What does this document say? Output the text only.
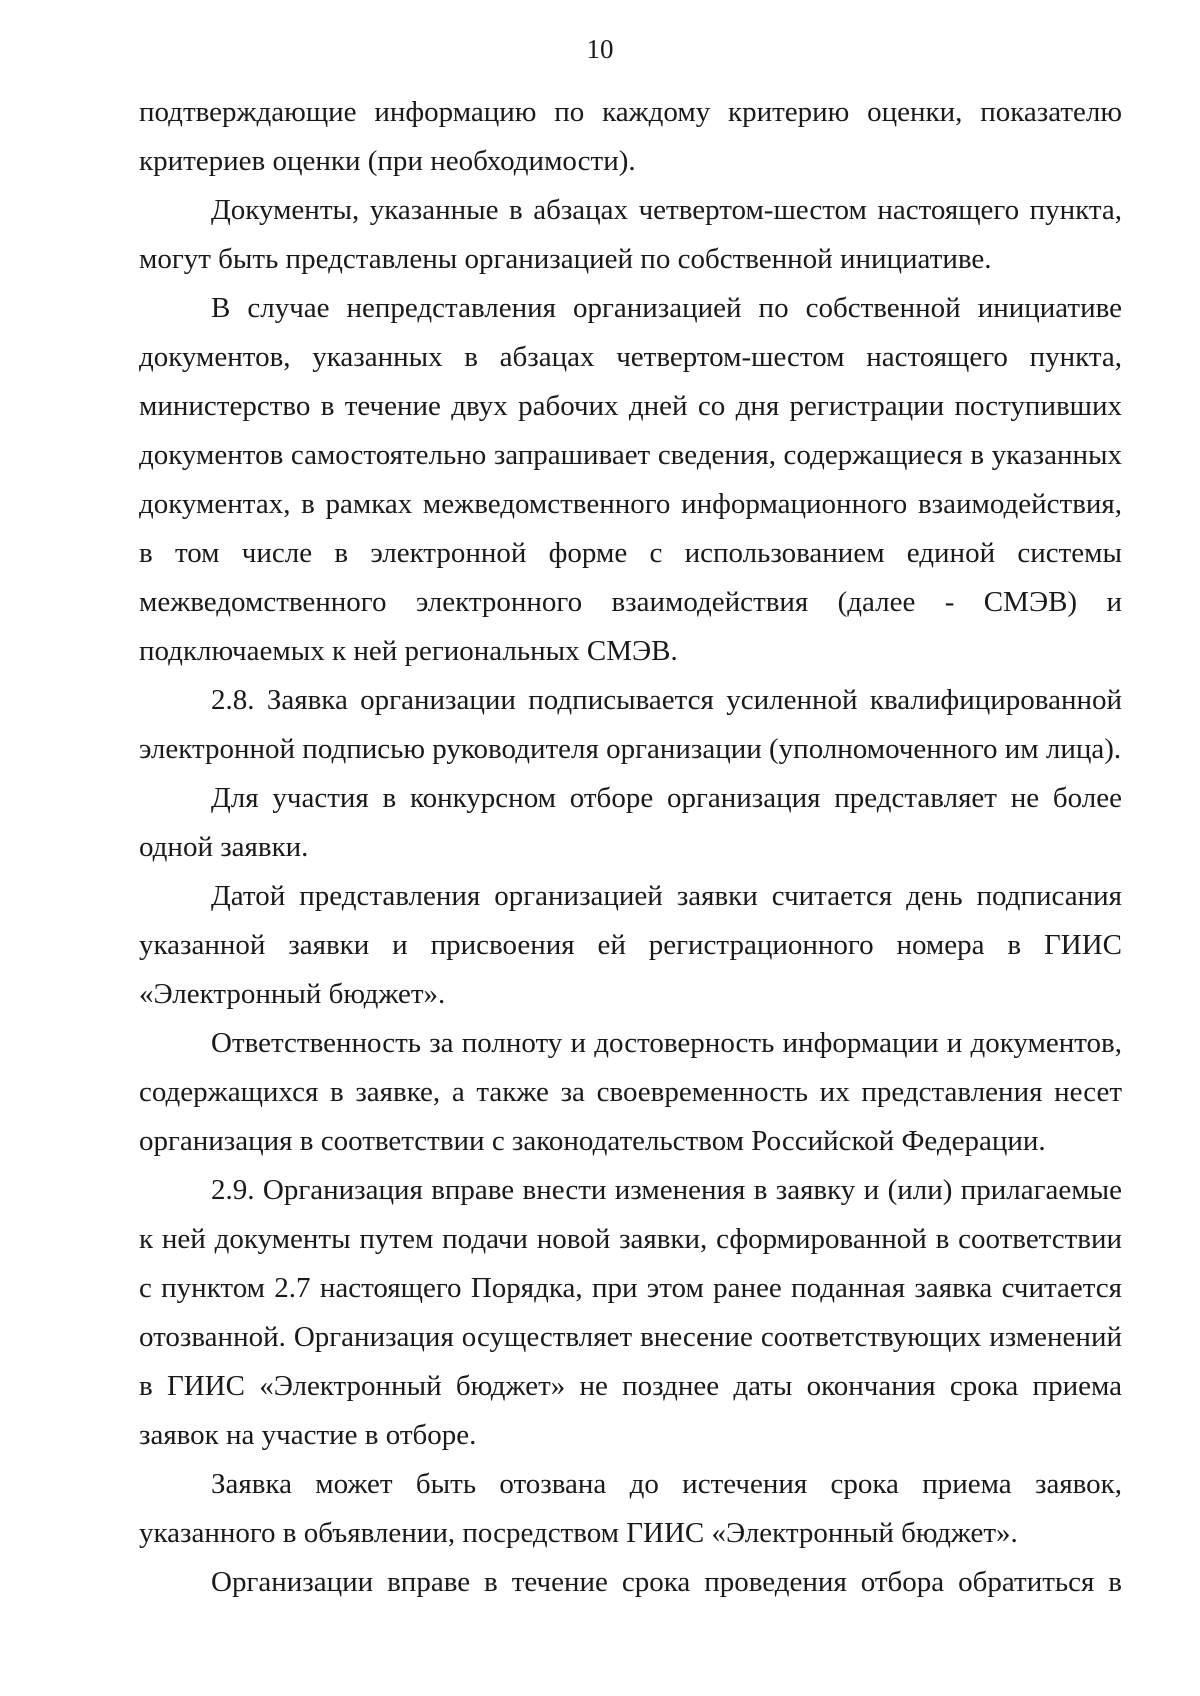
10

подтверждающие информацию по каждому критерию оценки, показателю критериев оценки (при необходимости).

Документы, указанные в абзацах четвертом-шестом настоящего пункта, могут быть представлены организацией по собственной инициативе.

В случае непредставления организацией по собственной инициативе документов, указанных в абзацах четвертом-шестом настоящего пункта, министерство в течение двух рабочих дней со дня регистрации поступивших документов самостоятельно запрашивает сведения, содержащиеся в указанных документах, в рамках межведомственного информационного взаимодействия, в том числе в электронной форме с использованием единой системы межведомственного электронного взаимодействия (далее - СМЭВ) и подключаемых к ней региональных СМЭВ.

2.8. Заявка организации подписывается усиленной квалифицированной электронной подписью руководителя организации (уполномоченного им лица).

Для участия в конкурсном отборе организация представляет не более одной заявки.

Датой представления организацией заявки считается день подписания указанной заявки и присвоения ей регистрационного номера в ГИИС «Электронный бюджет».

Ответственность за полноту и достоверность информации и документов, содержащихся в заявке, а также за своевременность их представления несет организация в соответствии с законодательством Российской Федерации.

2.9. Организация вправе внести изменения в заявку и (или) прилагаемые к ней документы путем подачи новой заявки, сформированной в соответствии с пунктом 2.7 настоящего Порядка, при этом ранее поданная заявка считается отозванной. Организация осуществляет внесение соответствующих изменений в ГИИС «Электронный бюджет» не позднее даты окончания срока приема заявок на участие в отборе.

Заявка может быть отозвана до истечения срока приема заявок, указанного в объявлении, посредством ГИИС «Электронный бюджет».

Организации вправе в течение срока проведения отбора обратиться в
